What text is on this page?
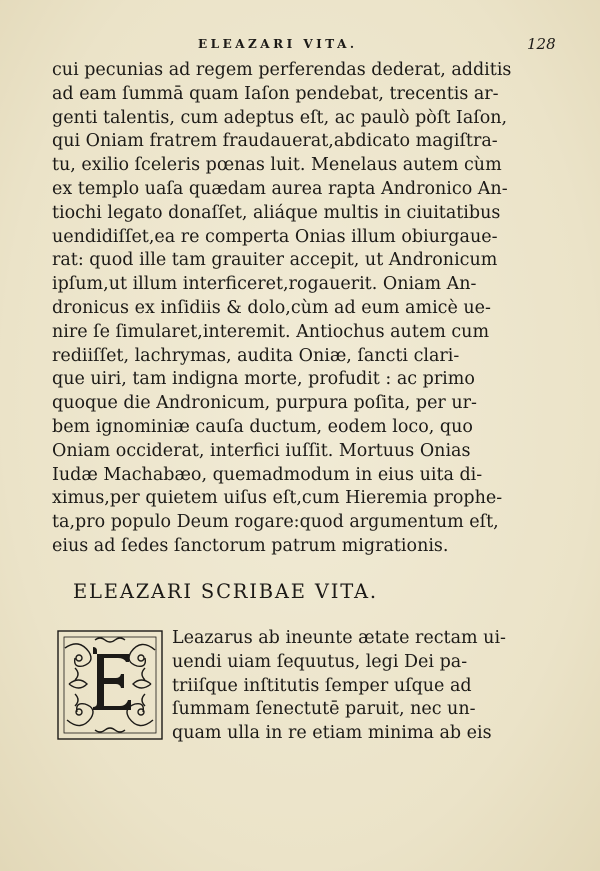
ELEAZARI VITA.	128
cui pecunias ad regem perferendas dederat, additis
ad eam ſummā quam Iaſon pendebat, trecentis ar-
genti talentis, cum adeptus eſt, ac paulò pòſt Iaſon,
qui Oniam fratrem fraudauerat,abdicato magiſtra-
tu, exilio ſceleris pœnas luit. Menelaus autem cùm
ex templo uaſa quædam aurea rapta Andronico An-
tiochi legato donaſſet, aliáque multis in ciuitatibus
uendidiſſet,ea re comperta Onias illum obiurgaue-
rat: quod ille tam grauiter accepit, ut Andronicum
ipſum,ut illum interficeret,rogauerit. Oniam An-
dronicus ex inſidiis & dolo,cùm ad eum amicè ue-
nire ſe ſimularet,interemit. Antiochus autem cum
rediiſſet, lachrymas, audita Oniæ, ſancti clari-
que uiri, tam indigna morte, profudit : ac primo
quoque die Andronicum, purpura poſita, per ur-
bem ignominiæ cauſa ductum, eodem loco, quo
Oniam occiderat, interfici iuſſit. Mortuus Onias
Iudæ Machabæo, quemadmodum in eius uita di-
ximus,per quietem uiſus eſt,cum Hieremia prophe-
ta,pro populo Deum rogare:quod argumentum eſt,
eius ad ſedes ſanctorum patrum migrationis.
ELEAZARI SCRIBAE VITA.
Leazarus ab ineunte ætate rectam ui-
uendi uiam ſequutus, legi Dei pa-
triiſque inſtitutis ſemper uſque ad
ſummam ſenectutē paruit, nec un-
quam ulla in re etiam minima ab eis
